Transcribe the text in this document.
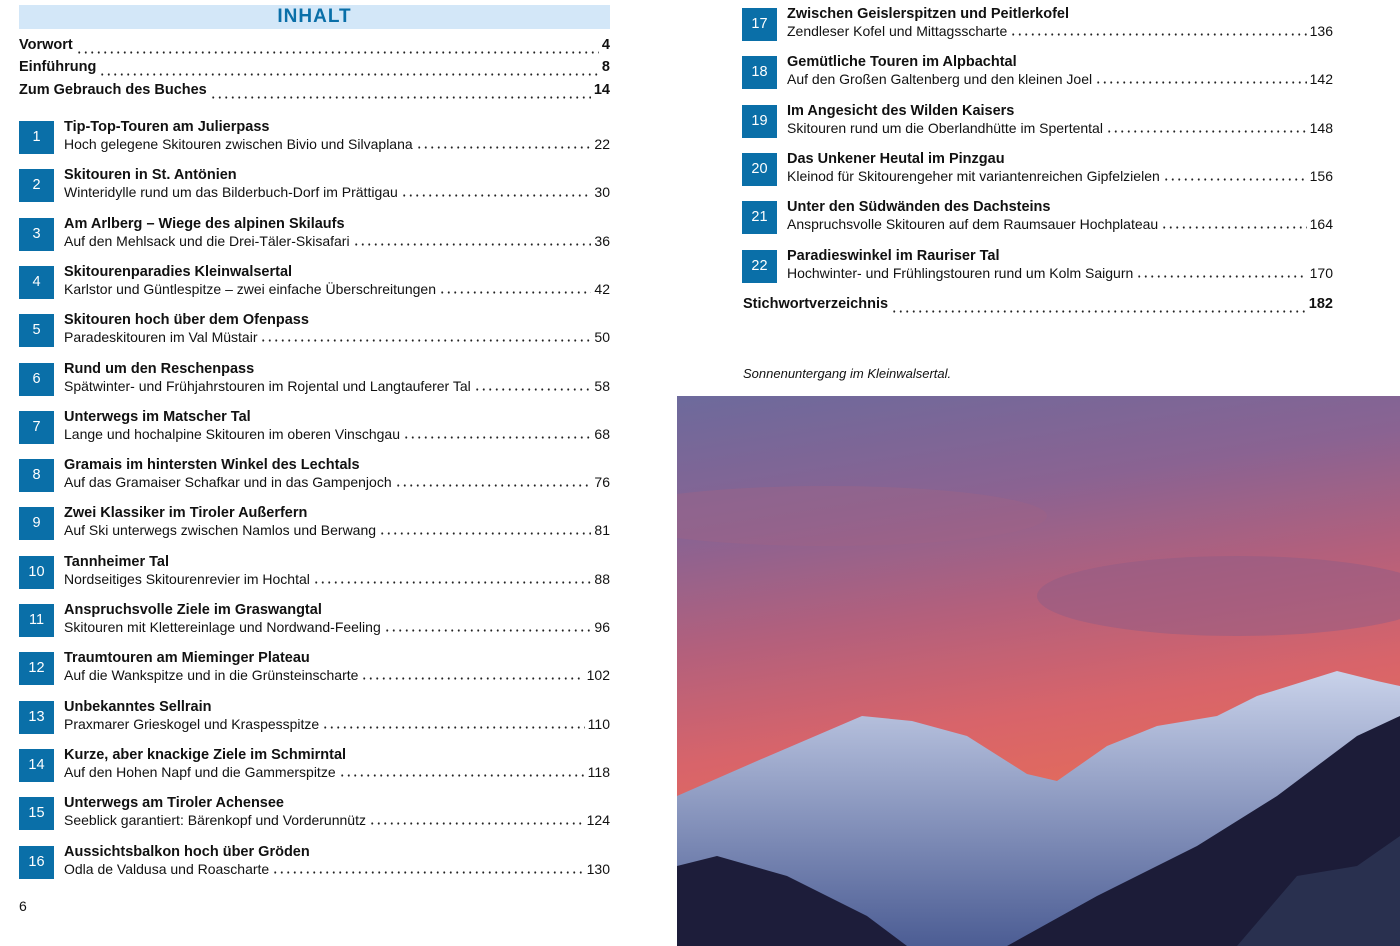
INHALT
Vorwort	4
Einführung	8
Zum Gebrauch des Buches	14
1
Tip-Top-Touren am Julierpass
Hoch gelegene Skitouren zwischen Bivio und Silvaplana	22
2
Skitouren in St. Antönien
Winteridylle rund um das Bilderbuch-Dorf im Prättigau	30
3
Am Arlberg – Wiege des alpinen Skilaufs
Auf den Mehlsack und die Drei-Täler-Skisafari	36
4
Skitourenparadies Kleinwalsertal
Karlstor und Güntlespitze – zwei einfache Überschreitungen	42
5
Skitouren hoch über dem Ofenpass
Paradeskitouren im Val Müstair	50
6
Rund um den Reschenpass
Spätwinter- und Frühjahrstouren im Rojental und Langtauferer Tal	58
7
Unterwegs im Matscher Tal
Lange und hochalpine Skitouren im oberen Vinschgau	68
8
Gramais im hintersten Winkel des Lechtals
Auf das Gramaiser Schafkar und in das Gampenjoch	76
9
Zwei Klassiker im Tiroler Außerfern
Auf Ski unterwegs zwischen Namlos und Berwang	81
10
Tannheimer Tal
Nordseitiges Skitourenrevier im Hochtal	88
11
Anspruchsvolle Ziele im Graswangtal
Skitouren mit Klettereinlage und Nordwand-Feeling	96
12
Traumtouren am Mieminger Plateau
Auf die Wankspitze und in die Grünsteinscharte	102
13
Unbekanntes Sellrain
Praxmarer Grieskogel und Kraspesspitze	110
14
Kurze, aber knackige Ziele im Schmirntal
Auf den Hohen Napf und die Gammerspitze	118
15
Unterwegs am Tiroler Achensee
Seeblick garantiert: Bärenkopf und Vorderunnütz	124
16
Aussichtsbalkon hoch über Gröden
Odla de Valdusa und Roascharte	130
17
Zwischen Geislerspitzen und Peitlerkofel
Zendleser Kofel und Mittagsscharte	136
18
Gemütliche Touren im Alpbachtal
Auf den Großen Galtenberg und den kleinen Joel	142
19
Im Angesicht des Wilden Kaisers
Skitouren rund um die Oberlandhütte im Spertental	148
20
Das Unkener Heutal im Pinzgau
Kleinod für Skitourengeher mit variantenreichen Gipfelzielen	156
21
Unter den Südwänden des Dachsteins
Anspruchsvolle Skitouren auf dem Raumsauer Hochplateau	164
22
Paradieswinkel im Rauriser Tal
Hochwinter- und Frühlingstouren rund um Kolm Saigurn	170
Stichwortverzeichnis	182
6
Sonnenuntergang im Kleinwalsertal.
